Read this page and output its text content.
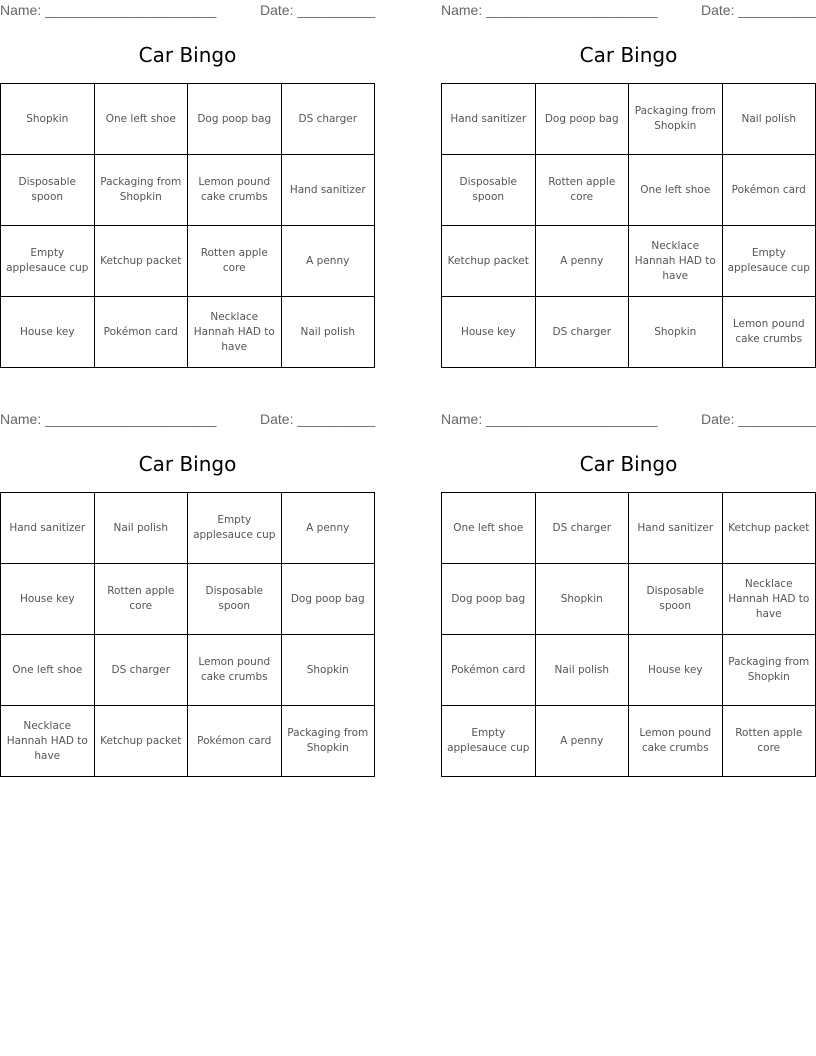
Name: ______________________	Date: __________
Car Bingo
Shopkin	One left shoe	Dog poop bag	DS charger
Disposable spoon	Packaging from Shopkin	Lemon pound cake crumbs	Hand sanitizer
Empty applesauce cup	Ketchup packet	Rotten apple core	A penny
House key	Pokémon card	Necklace Hannah HAD to have	Nail polish
Name: ______________________	Date: __________
Car Bingo
Hand sanitizer	Dog poop bag	Packaging from Shopkin	Nail polish
Disposable spoon	Rotten apple core	One left shoe	Pokémon card
Ketchup packet	A penny	Necklace Hannah HAD to have	Empty applesauce cup
House key	DS charger	Shopkin	Lemon pound cake crumbs
Name: ______________________	Date: __________
Car Bingo
Hand sanitizer	Nail polish	Empty applesauce cup	A penny
House key	Rotten apple core	Disposable spoon	Dog poop bag
One left shoe	DS charger	Lemon pound cake crumbs	Shopkin
Necklace Hannah HAD to have	Ketchup packet	Pokémon card	Packaging from Shopkin
Name: ______________________	Date: __________
Car Bingo
One left shoe	DS charger	Hand sanitizer	Ketchup packet
Dog poop bag	Shopkin	Disposable spoon	Necklace Hannah HAD to have
Pokémon card	Nail polish	House key	Packaging from Shopkin
Empty applesauce cup	A penny	Lemon pound cake crumbs	Rotten apple core
